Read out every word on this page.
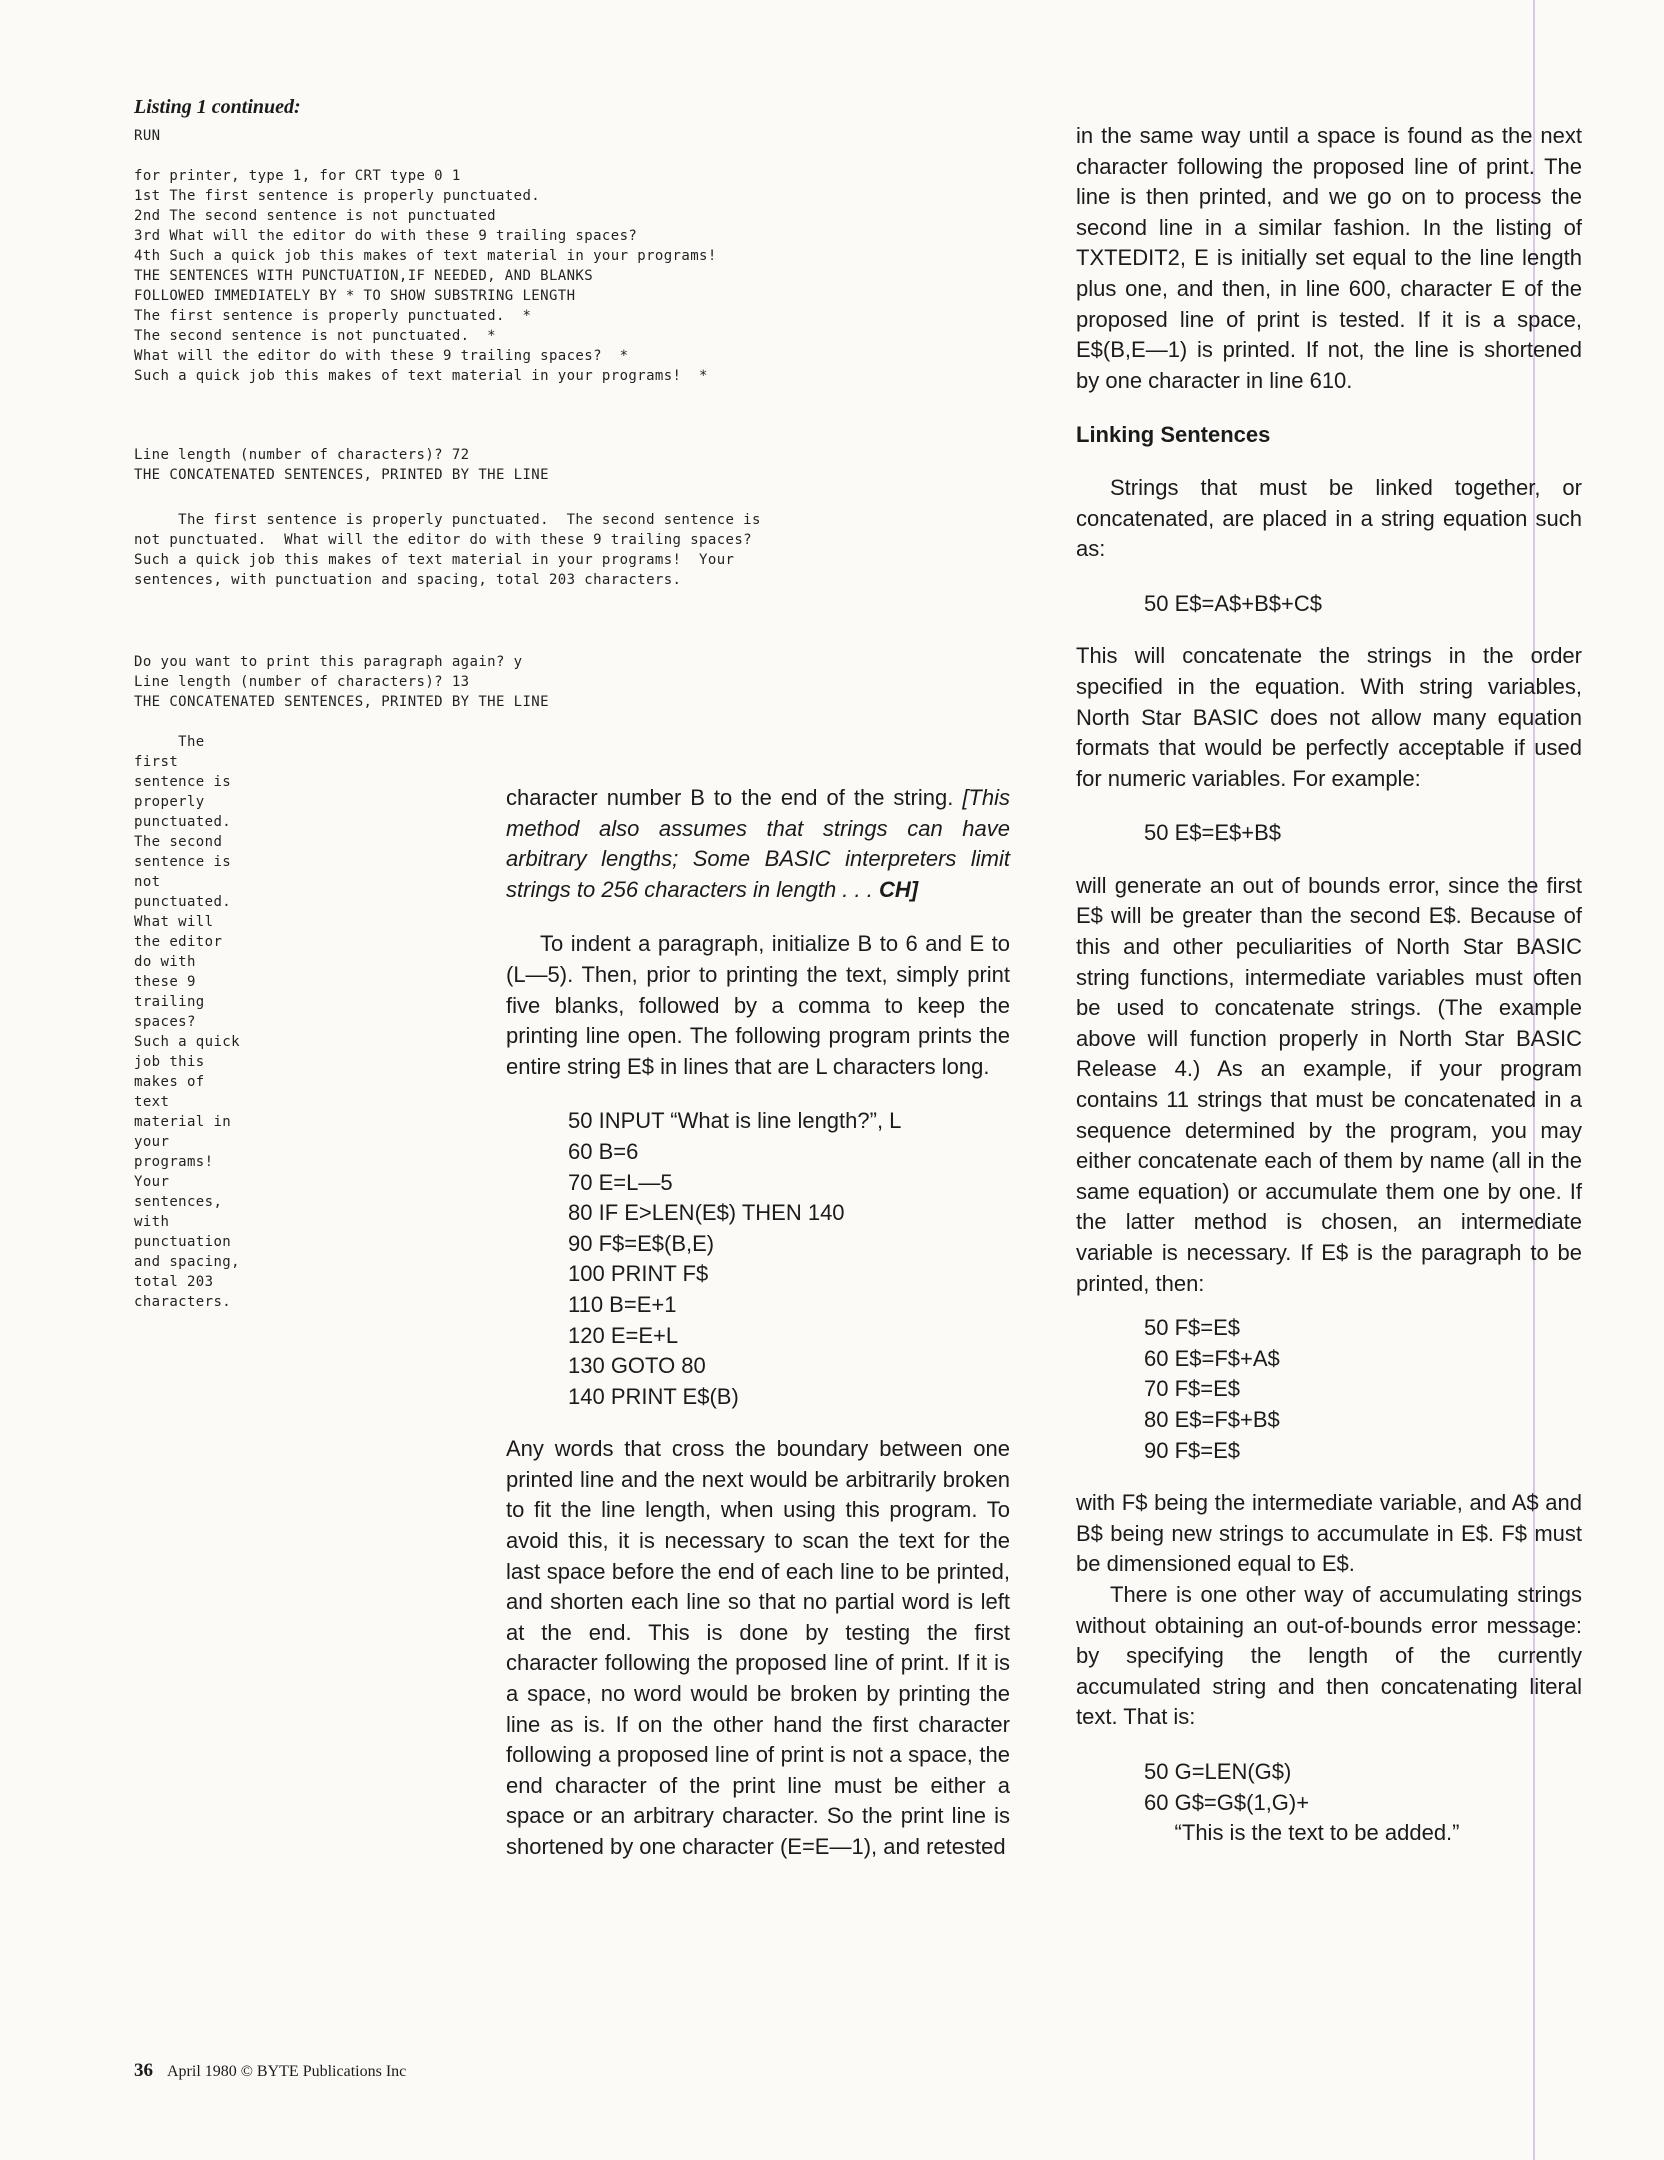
Listing 1 continued:
RUN
for printer, type 1, for CRT type 0 1
1st The first sentence is properly punctuated.
2nd The second sentence is not punctuated
3rd What will the editor do with these 9 trailing spaces?
4th Such a quick job this makes of text material in your programs!
THE SENTENCES WITH PUNCTUATION,IF NEEDED, AND BLANKS
FOLLOWED IMMEDIATELY BY * TO SHOW SUBSTRING LENGTH
The first sentence is properly punctuated.  *
The second sentence is not punctuated.  *
What will the editor do with these 9 trailing spaces?  *
Such a quick job this makes of text material in your programs!  *
Line length (number of characters)? 72
THE CONCATENATED SENTENCES, PRINTED BY THE LINE
The first sentence is properly punctuated.  The second sentence is
not punctuated.  What will the editor do with these 9 trailing spaces?
Such a quick job this makes of text material in your programs!  Your
sentences, with punctuation and spacing, total 203 characters.
Do you want to print this paragraph again? y
Line length (number of characters)? 13
THE CONCATENATED SENTENCES, PRINTED BY THE LINE
The
first
sentence is
properly
punctuated.
The second
sentence is
not
punctuated.
What will
the editor
do with
these 9
trailing
spaces?
Such a quick
job this
makes of
text
material in
your
programs!
Your
sentences,
with
punctuation
and spacing,
total 203
characters.

character number B to the end of the string. [This method also assumes that strings can have arbitrary lengths; Some BASIC interpreters limit strings to 256 characters in length . . . CH]

To indent a paragraph, initialize B to 6 and E to (L—5). Then, prior to printing the text, simply print five blanks, followed by a comma to keep the printing line open. The following program prints the entire string E$ in lines that are L characters long.

50 INPUT “What is line length?”, L
60 B=6
70 E=L—5
80 IF E>LEN(E$) THEN 140
90 F$=E$(B,E)
100 PRINT F$
110 B=E+1
120 E=E+L
130 GOTO 80
140 PRINT E$(B)

Any words that cross the boundary between one printed line and the next would be arbitrarily broken to fit the line length, when using this program. To avoid this, it is necessary to scan the text for the last space before the end of each line to be printed, and shorten each line so that no partial word is left at the end. This is done by testing the first character following the proposed line of print. If it is a space, no word would be broken by printing the line as is. If on the other hand the first character following a proposed line of print is not a space, the end character of the print line must be either a space or an arbitrary character. So the print line is shortened by one character (E=E—1), and retested

in the same way until a space is found as the next character following the proposed line of print. The line is then printed, and we go on to process the second line in a similar fashion. In the listing of TXTEDIT2, E is initially set equal to the line length plus one, and then, in line 600, character E of the proposed line of print is tested. If it is a space, E$(B,E—1) is printed. If not, the line is shortened by one character in line 610.

Linking Sentences

Strings that must be linked together, or concatenated, are placed in a string equation such as:

50 E$=A$+B$+C$

This will concatenate the strings in the order specified in the equation. With string variables, North Star BASIC does not allow many equation formats that would be perfectly acceptable if used for numeric variables. For example:

50 E$=E$+B$

will generate an out of bounds error, since the first E$ will be greater than the second E$. Because of this and other peculiarities of North Star BASIC string functions, intermediate variables must often be used to concatenate strings. (The example above will function properly in North Star BASIC Release 4.) As an example, if your program contains 11 strings that must be concatenated in a sequence determined by the program, you may either concatenate each of them by name (all in the same equation) or accumulate them one by one. If the latter method is chosen, an intermediate variable is necessary. If E$ is the paragraph to be printed, then:

50 F$=E$
60 E$=F$+A$
70 F$=E$
80 E$=F$+B$
90 F$=E$

with F$ being the intermediate variable, and A$ and B$ being new strings to accumulate in E$. F$ must be dimensioned equal to E$.

There is one other way of accumulating strings without obtaining an out-of-bounds error message: by specifying the length of the currently accumulated string and then concatenating literal text. That is:

50 G=LEN(G$)
60 G$=G$(1,G)+
“This is the text to be added.”
36 April 1980 © BYTE Publications Inc
